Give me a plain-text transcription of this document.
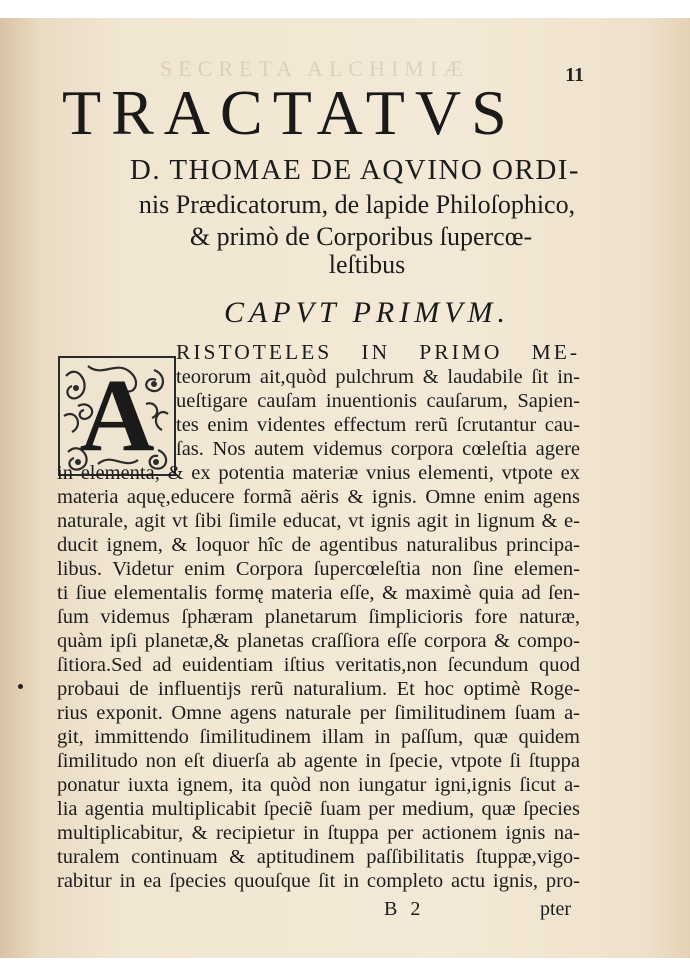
SECRETA ALCHIMIÆ	11
TRACTATVS
D. THOMAE DE AQVINO ORDI-
nis Prædicatorum, de lapide Philoſophico,
& primò de Corporibus ſupercœ-
leſtibus
CAPVT PRIMVM.
A
RISTOTELES IN PRIMO ME-
teororum ait,quòd pulchrum & laudabile ſit in-
ueſtigare cauſam inuentionis cauſarum, Sapien-
tes enim videntes effectum rerũ ſcrutantur cau-
ſas. Nos autem videmus corpora cœleſtia agere
in elementa, & ex potentia materiæ vnius elementi, vtpote ex
materia aquę,educere formã aëris & ignis. Omne enim agens
naturale, agit vt ſibi ſimile educat, vt ignis agit in lignum & e-
ducit ignem, & loquor hîc de agentibus naturalibus principa-
libus. Videtur enim Corpora ſupercœleſtia non ſine elemen-
ti ſiue elementalis formę materia eſſe, & maximè quia ad ſen-
ſum videmus ſphæram planetarum ſimplicioris fore naturæ,
quàm ipſi planetæ,& planetas craſſiora eſſe corpora & compo-
ſitiora.Sed ad euidentiam iſtius veritatis,non ſecundum quod
probaui de influentijs rerũ naturalium. Et hoc optimè Roge-
rius exponit. Omne agens naturale per ſimilitudinem ſuam a-
git, immittendo ſimilitudinem illam in paſſum, quæ quidem
ſimilitudo non eſt diuerſa ab agente in ſpecie, vtpote ſi ſtuppa
ponatur iuxta ignem, ita quòd non iungatur igni,ignis ſicut a-
lia agentia multiplicabit ſpeciẽ ſuam per medium, quæ ſpecies
multiplicabitur, & recipietur in ſtuppa per actionem ignis na-
turalem continuam & aptitudinem paſſibilitatis ſtuppæ,vigo-
rabitur in ea ſpecies quouſque ſit in completo actu ignis, pro-
B 2	pter
